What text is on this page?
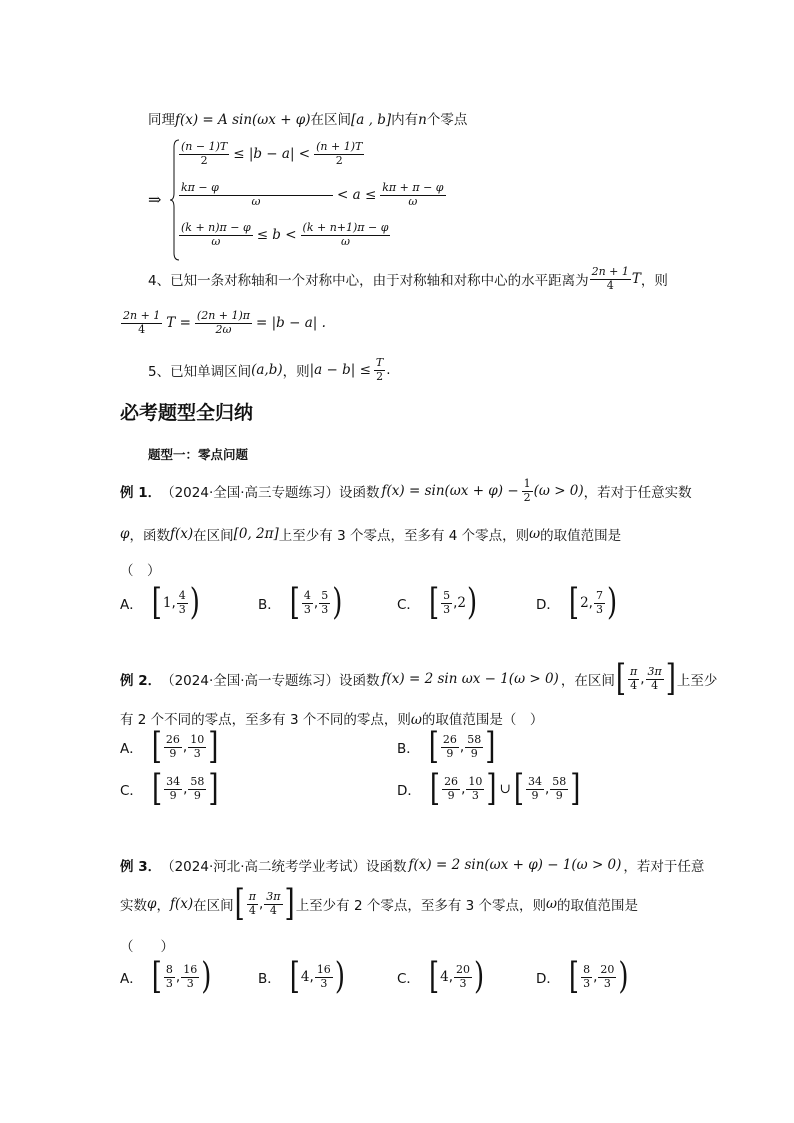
同理f(x) = A sin(ωx + φ)在区间[a , b]内有n个零点
⇒
$\frac{(n - 1)T}{2} \le |b - a| < \frac{(n + 1)T}{2}$
$\frac{k\pi - \varphi}{\omega} < a \le \frac{k\pi + \pi - \varphi}{\omega}$
$\frac{(k + n)\pi - \varphi}{\omega} \le b < \frac{(k + n+1)\pi - \varphi}{\omega}$
4、已知一条对称轴和一个对称中心，由于对称轴和对称中心的水平距离为 $\frac{2n + 1}{4}$ T ，则
$\frac{2n + 1}{4}$ $T = \frac{(2n + 1)\pi}{2\omega} = |b - a|$ .
5、已知单调区间 (a,b) ，则 $|a - b| \le \frac{T}{2}$ .
必考题型全归纳
题型一：零点问题
例 1． （2024·全国·高三专题练习）设函数 $f(x) = \sin(\omega x + \varphi) - \frac{1}{2} (\omega > 0)$ ，若对于任意实数
φ ，函数 f(x) 在区间 [0, 2π] 上至少有 3 个零点，至多有 4 个零点，则 ω 的取值范围是
（　）
A． [ 1 , $\frac{4}{3}$ )	B． [ $\frac{4}{3}$ , $\frac{5}{3}$ )	C． [ $\frac{5}{3}$ , 2 )	D． [ 2 , $\frac{7}{3}$ )
例 2． （2024·全国·高一专题练习）设函数 f(x) = 2 sin ωx − 1(ω > 0) ，在区间 [ $\frac{\pi}{4}$ , $\frac{3\pi}{4}$ ] 上至少
有 2 个不同的零点，至多有 3 个不同的零点，则ω的取值范围是（　）
A． [ $\frac{26}{9}$ , $\frac{10}{3}$ ]	B． [ $\frac{26}{9}$ , $\frac{58}{9}$ ]
C． [ $\frac{34}{9}$ , $\frac{58}{9}$ ]	D． [ $\frac{26}{9}$ , $\frac{10}{3}$ ] ∪ [ $\frac{34}{9}$ , $\frac{58}{9}$ ]
例 3． （2024·河北·高二统考学业考试）设函数 f(x) = 2 sin(ωx + φ) − 1(ω > 0) ，若对于任意
实数 φ ， f(x) 在区间 [ $\frac{\pi}{4}$ , $\frac{3\pi}{4}$ ] 上至少有 2 个零点，至多有 3 个零点，则 ω 的取值范围是
（　　）
A． [ $\frac{8}{3}$ , $\frac{16}{3}$ )	B． [ 4 , $\frac{16}{3}$ )	C． [ 4 , $\frac{20}{3}$ )	D． [ $\frac{8}{3}$ , $\frac{20}{3}$ )
